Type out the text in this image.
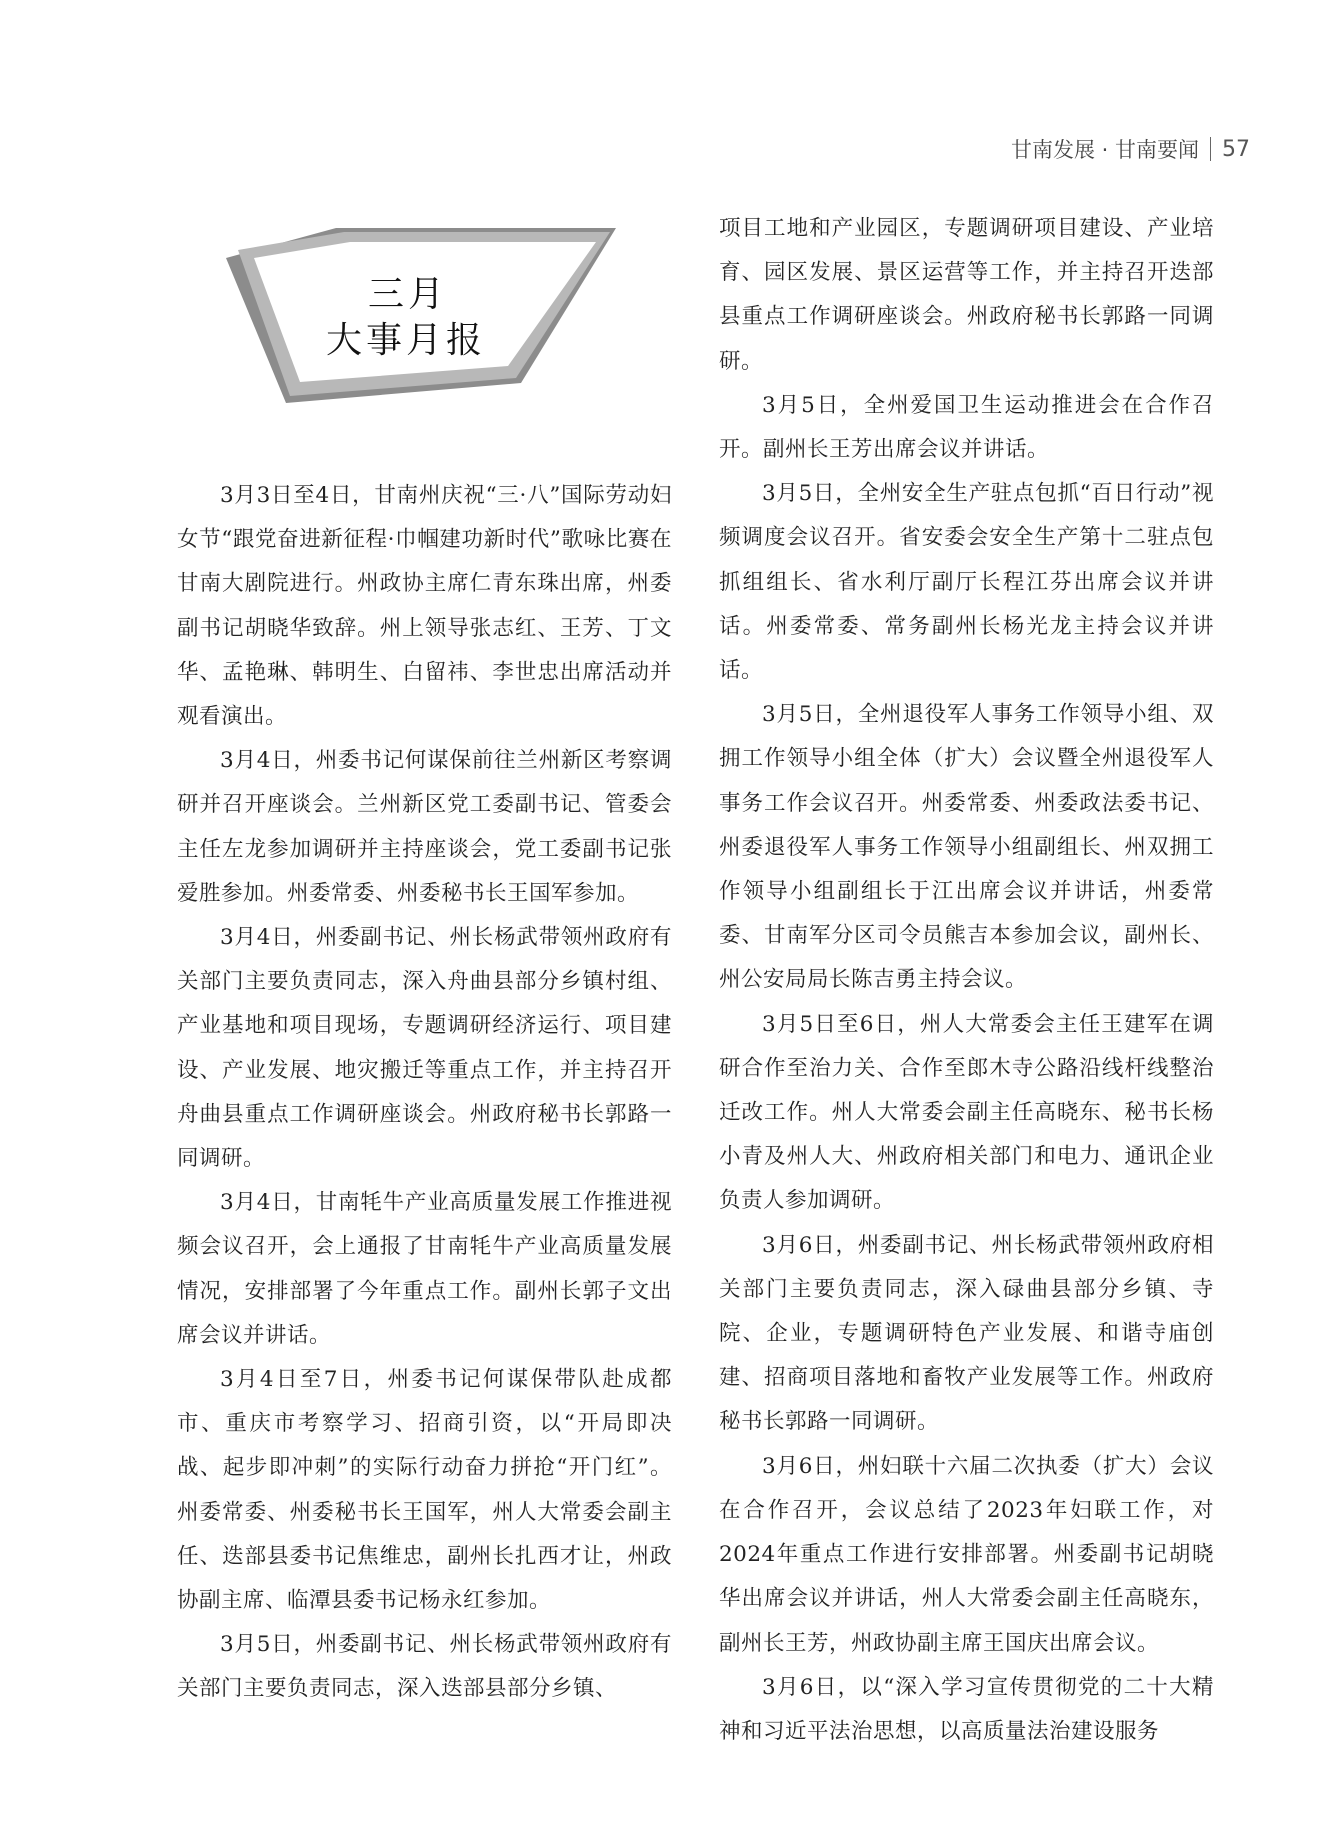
甘南发展 · 甘南要闻 57
三月
大事月报

3月3日至4日，甘南州庆祝“三·八”国际劳动妇女节“跟党奋进新征程·巾帼建功新时代”歌咏比赛在甘南大剧院进行。州政协主席仁青东珠出席，州委副书记胡晓华致辞。州上领导张志红、王芳、丁文华、孟艳琳、韩明生、白留祎、李世忠出席活动并观看演出。

3月4日，州委书记何谋保前往兰州新区考察调研并召开座谈会。兰州新区党工委副书记、管委会主任左龙参加调研并主持座谈会，党工委副书记张爱胜参加。州委常委、州委秘书长王国军参加。

3月4日，州委副书记、州长杨武带领州政府有关部门主要负责同志，深入舟曲县部分乡镇村组、产业基地和项目现场，专题调研经济运行、项目建设、产业发展、地灾搬迁等重点工作，并主持召开舟曲县重点工作调研座谈会。州政府秘书长郭路一同调研。

3月4日，甘南牦牛产业高质量发展工作推进视频会议召开，会上通报了甘南牦牛产业高质量发展情况，安排部署了今年重点工作。副州长郭子文出席会议并讲话。

3月4日至7日，州委书记何谋保带队赴成都市、重庆市考察学习、招商引资，以“开局即决战、起步即冲刺”的实际行动奋力拼抢“开门红”。州委常委、州委秘书长王国军，州人大常委会副主任、迭部县委书记焦维忠，副州长扎西才让，州政协副主席、临潭县委书记杨永红参加。

3月5日，州委副书记、州长杨武带领州政府有关部门主要负责同志，深入迭部县部分乡镇、

项目工地和产业园区，专题调研项目建设、产业培育、园区发展、景区运营等工作，并主持召开迭部县重点工作调研座谈会。州政府秘书长郭路一同调研。

3月5日，全州爱国卫生运动推进会在合作召开。副州长王芳出席会议并讲话。

3月5日，全州安全生产驻点包抓“百日行动”视频调度会议召开。省安委会安全生产第十二驻点包抓组组长、省水利厅副厅长程江芬出席会议并讲话。州委常委、常务副州长杨光龙主持会议并讲话。

3月5日，全州退役军人事务工作领导小组、双拥工作领导小组全体（扩大）会议暨全州退役军人事务工作会议召开。州委常委、州委政法委书记、州委退役军人事务工作领导小组副组长、州双拥工作领导小组副组长于江出席会议并讲话，州委常委、甘南军分区司令员熊吉本参加会议，副州长、州公安局局长陈吉勇主持会议。

3月5日至6日，州人大常委会主任王建军在调研合作至治力关、合作至郎木寺公路沿线杆线整治迁改工作。州人大常委会副主任高晓东、秘书长杨小青及州人大、州政府相关部门和电力、通讯企业负责人参加调研。

3月6日，州委副书记、州长杨武带领州政府相关部门主要负责同志，深入碌曲县部分乡镇、寺院、企业，专题调研特色产业发展、和谐寺庙创建、招商项目落地和畜牧产业发展等工作。州政府秘书长郭路一同调研。

3月6日，州妇联十六届二次执委（扩大）会议在合作召开，会议总结了2023年妇联工作，对2024年重点工作进行安排部署。州委副书记胡晓华出席会议并讲话，州人大常委会副主任高晓东，副州长王芳，州政协副主席王国庆出席会议。

3月6日，以“深入学习宣传贯彻党的二十大精神和习近平法治思想，以高质量法治建设服务
